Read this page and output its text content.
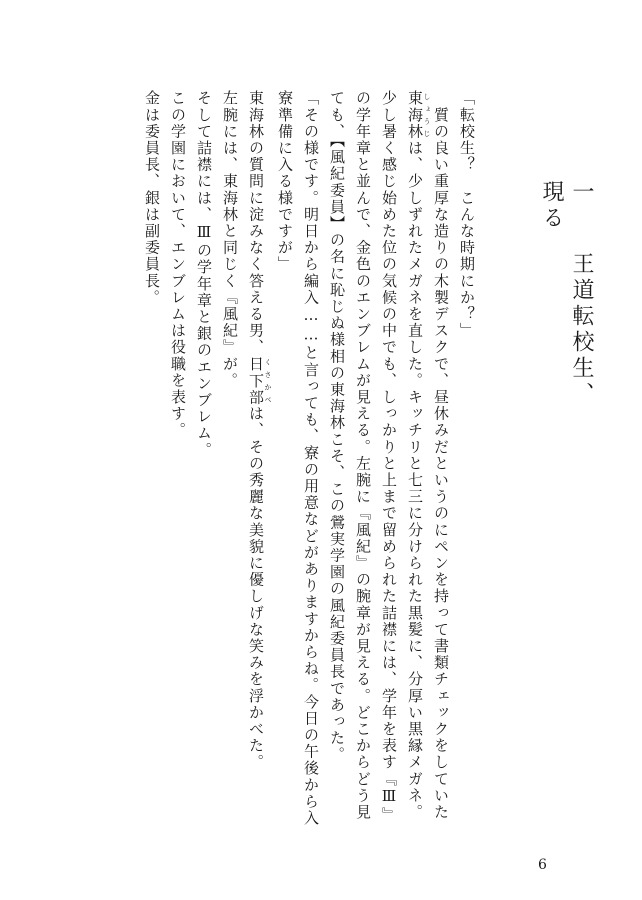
一　王道転校生、現る
「転校生？　こんな時期にか？」
　質の良い重厚な造りの木製デスクで、昼休みだというのにペンを持って書類チェックをしていた東海林 しょうじは、少しずれたメガネを直した。キッチリと七三に分けられた黒髪に、分厚い黒縁メガネ。少し暑く感じ始めた位の気候の中でも、しっかりと上まで留められた詰襟には、学年を表す『Ⅲ』の学年章と並んで、金色のエンブレムが見える。左腕に『風紀』の腕章が見える。どこからどう見ても、【風紀委員】の名に恥じぬ様相の東海林こそ、この鶯実学園の風紀委員長であった。
「その様です。明日から編入……と言っても、寮の用意などがありますからね。今日の午後から入寮準備に入る様ですが」
東海林の質問に淀みなく答える男、日下部 くさかべは、その秀麗な美貌に優しげな笑みを浮かべた。
左腕には、東海林と同じく『風紀』が。
そして詰襟には、Ⅲの学年章と銀のエンブレム。
この学園において、エンブレムは役職を表す。
金は委員長、銀は副委員長。
6
